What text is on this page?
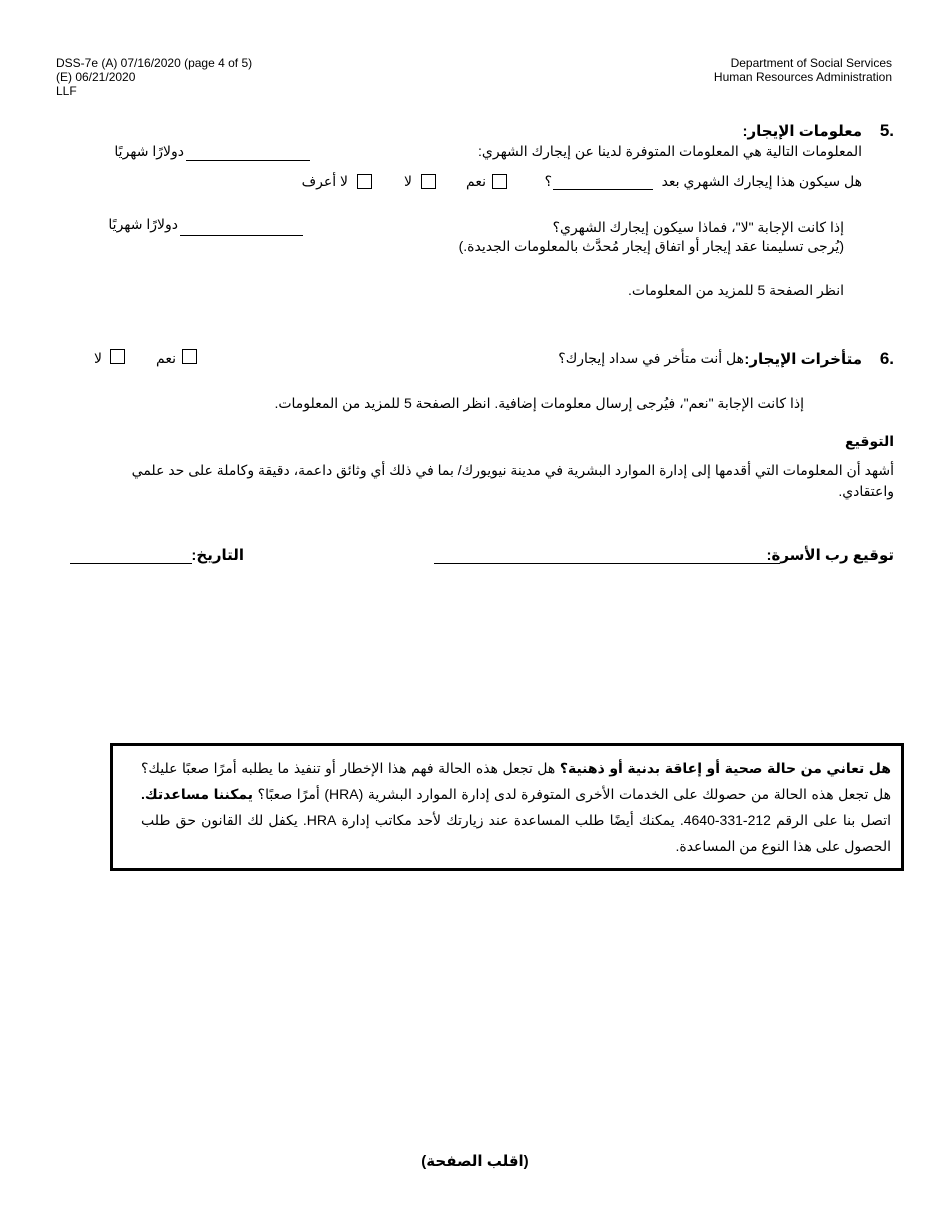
DSS-7e (A) 07/16/2020 (page 4 of 5)
(E) 06/21/2020
LLF
Department of Social Services
Human Resources Administration
5.
معلومات الإيجار:
المعلومات التالية هي المعلومات المتوفرة لدينا عن إيجارك الشهري:
دولارًا شهريًا
هل سيكون هذا إيجارك الشهري بعد
؟
نعم
لا
لا أعرف
إذا كانت الإجابة "لا"، فماذا سيكون إيجارك الشهري؟
دولارًا شهريًا
(يُرجى تسليمنا عقد إيجار أو اتفاق إيجار مُحدَّث بالمعلومات الجديدة.)
انظر الصفحة 5 للمزيد من المعلومات.
6.
متأخرات الإيجار:
هل أنت متأخر في سداد إيجارك؟
نعم
لا
إذا كانت الإجابة "نعم"، فيُرجى إرسال معلومات إضافية. انظر الصفحة 5 للمزيد من المعلومات.
التوقيع
أشهد أن المعلومات التي أقدمها إلى إدارة الموارد البشرية في مدينة نيويورك/ بما في ذلك أي وثائق داعمة، دقيقة وكاملة على حد علمي واعتقادي.
توقيع رب الأسرة:
التاريخ:
هل تعاني من حالة صحية أو إعاقة بدنية أو ذهنية؟ هل تجعل هذه الحالة فهم هذا الإخطار أو تنفيذ ما يطلبه أمرًا صعبًا عليك؟ هل تجعل هذه الحالة من حصولك على الخدمات الأخرى المتوفرة لدى إدارة الموارد البشرية (HRA) أمرًا صعبًا؟ يمكننا مساعدتك. اتصل بنا على الرقم 212-331-4640. يمكنك أيضًا طلب المساعدة عند زيارتك لأحد مكاتب إدارة HRA. يكفل لك القانون حق طلب الحصول على هذا النوع من المساعدة.
(اقلب الصفحة)
